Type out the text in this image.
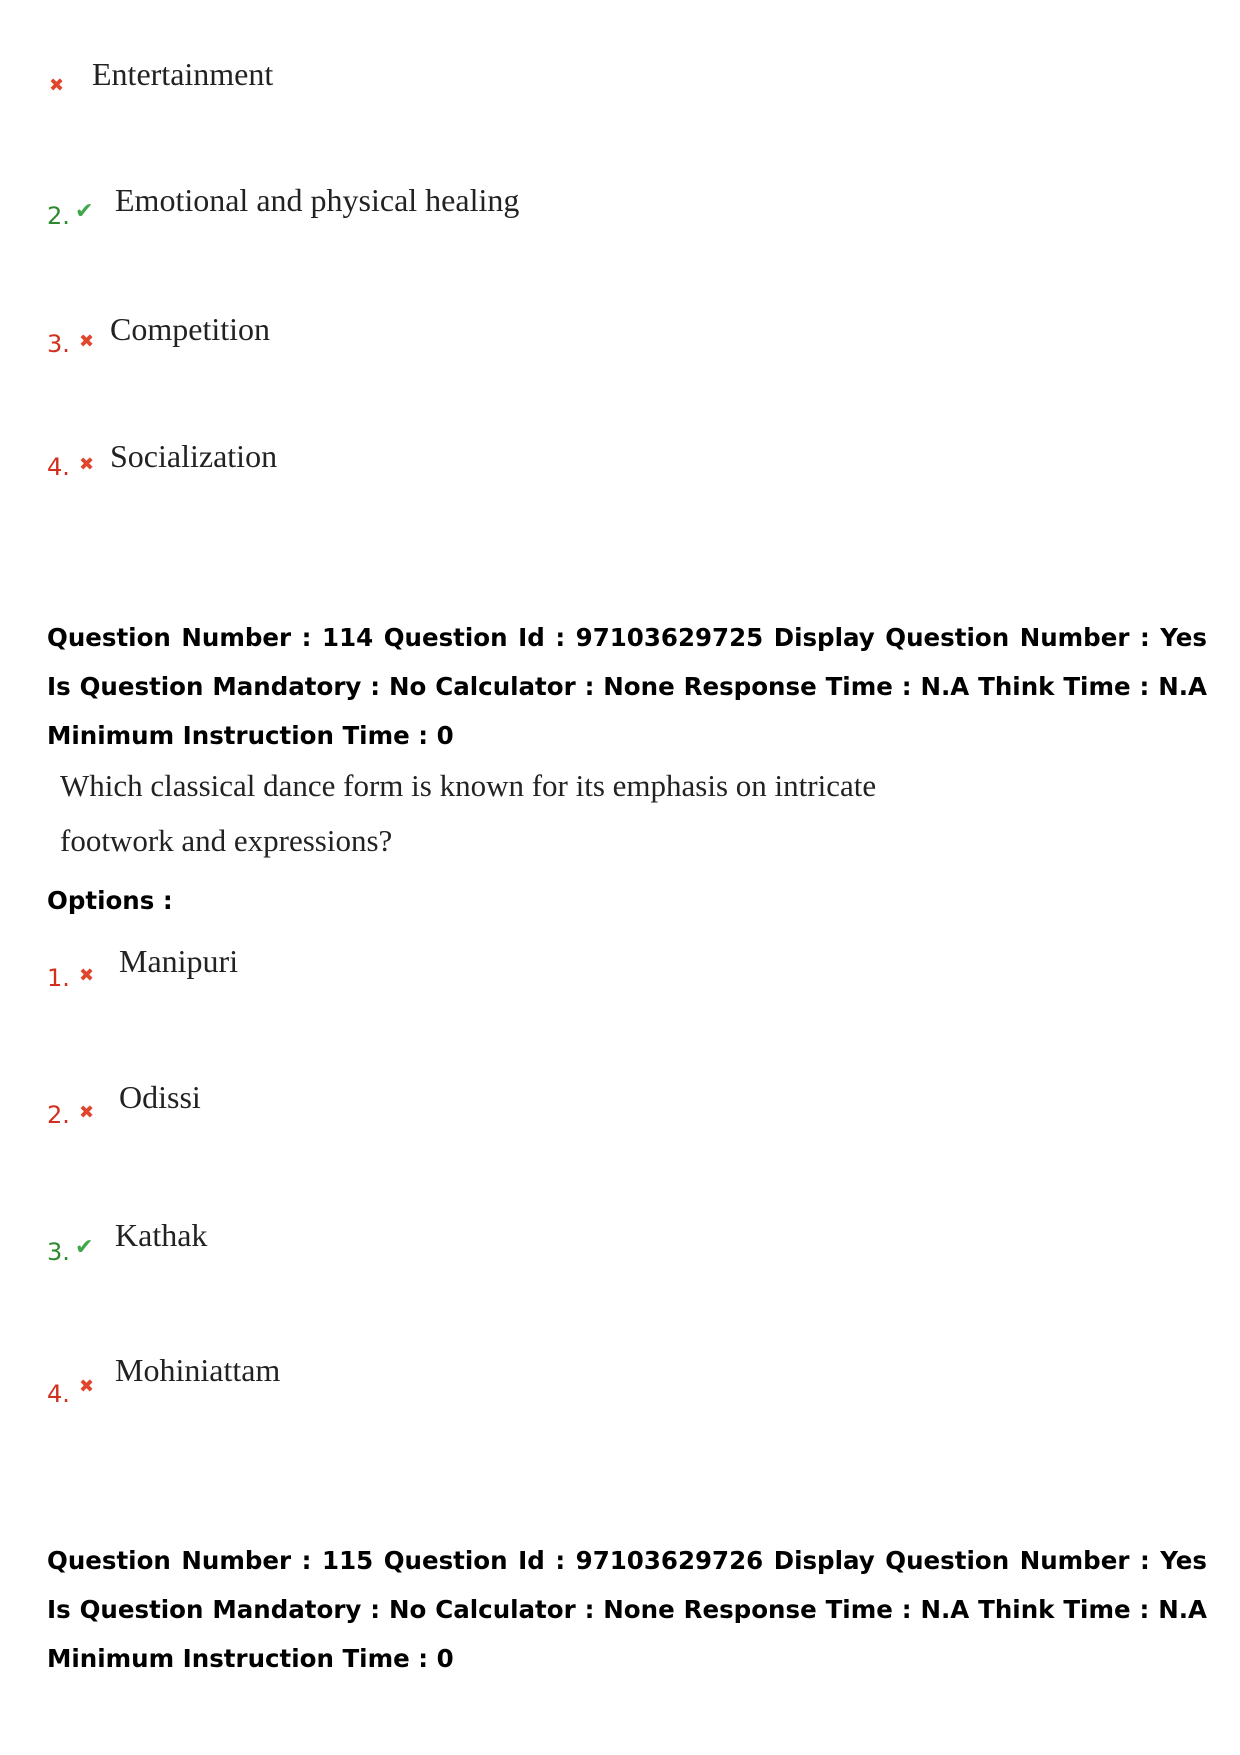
✖ Entertainment
2. ✔ Emotional and physical healing
3. ✖ Competition
4. ✖ Socialization

Question Number : 114 Question Id : 97103629725 Display Question Number : Yes Is Question Mandatory : No Calculator : None Response Time : N.A Think Time : N.A Minimum Instruction Time : 0

Which classical dance form is known for its emphasis on intricate footwork and expressions?

Options :

1. ✖ Manipuri
2. ✖ Odissi
3. ✔ Kathak
4. ✖ Mohiniattam

Question Number : 115 Question Id : 97103629726 Display Question Number : Yes Is Question Mandatory : No Calculator : None Response Time : N.A Think Time : N.A Minimum Instruction Time : 0
